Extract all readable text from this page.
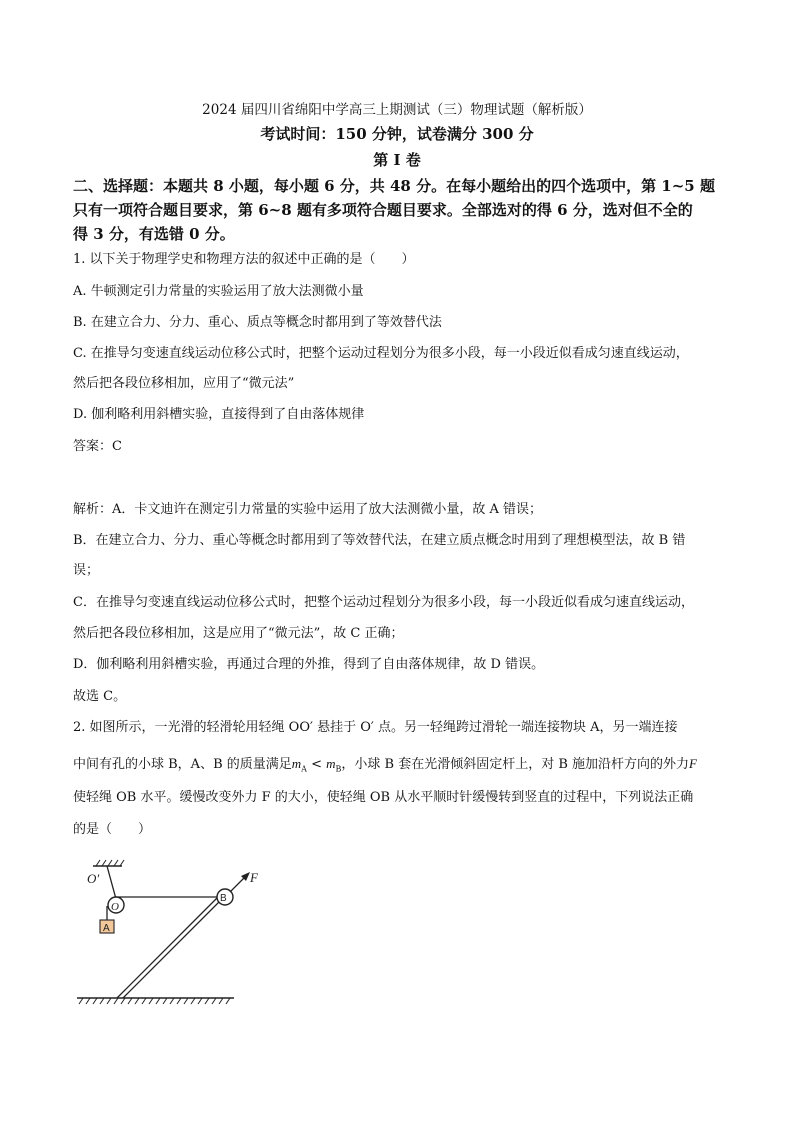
2024 届四川省绵阳中学高三上期测试（三）物理试题（解析版）
考试时间：150 分钟，试卷满分 300 分
第 I 卷
二、选择题：本题共 8 小题，每小题 6 分，共 48 分。在每小题给出的四个选项中，第 1~5 题
只有一项符合题目要求，第 6~8 题有多项符合题目要求。全部选对的得 6 分，选对但不全的
得 3 分，有选错 0 分。
1. 以下关于物理学史和物理方法的叙述中正确的是（　　）
A. 牛顿测定引力常量的实验运用了放大法测微小量
B. 在建立合力、分力、重心、质点等概念时都用到了等效替代法
C. 在推导匀变速直线运动位移公式时，把整个运动过程划分为很多小段，每一小段近似看成匀速直线运动，
然后把各段位移相加，应用了“微元法”
D. 伽利略利用斜槽实验，直接得到了自由落体规律
答案：C
解析：A．卡文迪许在测定引力常量的实验中运用了放大法测微小量，故 A 错误；
B．在建立合力、分力、重心等概念时都用到了等效替代法，在建立质点概念时用到了理想模型法，故 B 错
误；
C．在推导匀变速直线运动位移公式时，把整个运动过程划分为很多小段，每一小段近似看成匀速直线运动，
然后把各段位移相加，这是应用了“微元法”，故 C 正确；
D．伽利略利用斜槽实验，再通过合理的外推，得到了自由落体规律，故 D 错误。
故选 C。
2. 如图所示，一光滑的轻滑轮用轻绳 OO′ 悬挂于 O′ 点。另一轻绳跨过滑轮一端连接物块 A，另一端连接
中间有孔的小球 B，A、B 的质量满足$m_A < m_B$，小球 B 套在光滑倾斜固定杆上，对 B 施加沿杆方向的外力F
使轻绳 OB 水平。缓慢改变外力 F 的大小，使轻绳 OB 从水平顺时针缓慢转到竖直的过程中，下列说法正确
的是（　　）
O′
O
A
B
F
